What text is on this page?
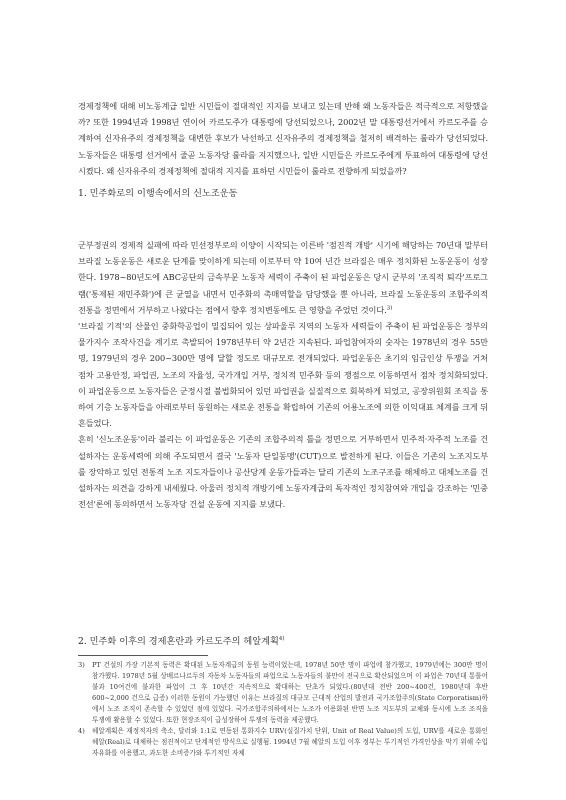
경제정책에 대해 비노동계급 일반 시민들이 절대적인 지지를 보내고 있는데 반해 왜 노동자들은 적극적으로 저항했을까? 또한 1994년과 1998년 연이어 카르도주가 대통령에 당선되었으나, 2002년 말 대통령선거에서 카르도주를 승계하여 신자유주의 경제정책을 대변한 후보가 낙선하고 신자유주의 경제정책을 철저히 배격하는 룰라가 당선되었다. 노동자들은 대통령 선거에서 줄곧 노동자당 룰라를 지지했으나, 일반 시민들은 카르도주에게 투표하여 대통령에 당선시켰다. 왜 신자유주의 경제정책에 절대적 지지를 표하던 시민들이 룰라로 전향하게 되었을까?

1. 민주화로의 이행속에서의 신노조운동

군부정권의 경제적 실패에 따라 민선정부로의 이양이 시작되는 이른바 '점진적 개방' 시기에 해당하는 70년대 말부터 브라질 노동운동은 새로운 단계를 맞이하게 되는데 이로부터 약 10여 년간 브라질은 매우 정치화된 노동운동이 성장한다. 1978~80년도에 ABC공단의 금속부문 노동자 세력이 주축이 된 파업운동은 당시 군부의 '조직적 퇴각'프로그램('통제된 재민주화')에 큰 균열을 내면서 민주화의 촉매역할을 담당했을 뿐 아니라, 브라질 노동운동의 조합주의적 전통을 정면에서 거부하고 나왔다는 점에서 향후 정치변동에도 큰 영향을 주었던 것이다.$^{3)}$

'브라질 기적'의 산물인 중화학공업이 밀집되어 있는 상파울루 지역의 노동자 세력들이 주축이 된 파업운동은 정부의 물가지수 조작사건을 계기로 촉발되어 1978년부터 약 2년간 지속된다. 파업참여자의 숫자는 1978년의 경우 55만명, 1979년의 경우 200~300만 명에 달할 정도로 대규모로 전개되었다. 파업운동은 초기의 임금인상 투쟁을 거쳐 점차 고용안정, 파업권, 노조의 자율성, 국가개입 거부, 정치적 민주화 등의 쟁점으로 이동하면서 점차 정치화되었다. 이 파업운동으로 노동자들은 군정시절 불법화되어 있던 파업권을 실질적으로 회복하게 되었고, 공장위원회 조직을 통하여 기층 노동자들을 아래로부터 동원하는 새로운 전통을 확립하여 기존의 어용노조에 의한 이익대표 체계를 크게 뒤흔들었다.

흔히 '신노조운동'이라 불리는 이 파업운동은 기존의 조합주의적 틀을 정면으로 거부하면서 민주적·자주적 노조를 건설하자는 운동세력에 의해 주도되면서 결국 '노동자 단일동맹'(CUT)으로 발전하게 된다. 이들은 기존의 노조지도부를 장악하고 있던 전통적 노조 지도자들이나 공산당계 운동가들과는 달리 기존의 노조구조를 해체하고 대체노조를 건설하자는 의견을 강하게 내세웠다. 아울러 정치적 개방기에 노동자계급의 독자적인 정치참여와 개입을 강조하는 '민중전선'론에 동의하면서 노동자당 건설 운동에 지지를 보냈다.

2. 민주화 이후의 경제혼란과 카르도주의 헤알계획$^{4)}$
3)	PT 건설의 가장 기본적 동력은 확대된 노동자계급의 동원 능력이었는데, 1978년 50만 명이 파업에 참가했고, 1979년에는 300만 명이 참가했다. 1978년 5월 상베르나르두의 자동차 노동자들의 파업으로 노동자들의 불만이 전국으로 확산되었으며 이 파업은 70년대 통틀어 불과 10여건에 불과한 파업이 그 후 10년간 지속적으로 확대하는 단초가 되었다.(80년대 전반 200~400건, 1980년대 후반 600~2,000 건으로 급증) 이러한 동원이 가능했던 이유는 브라질의 대규모 근대적 산업의 발전과 국가조합주의(State Corporatism)하에서 노조 조직이 존속할 수 있었던 점에 있었다. 국가조합주의하에서는 노조가 어용화된 반면 노조 지도부의 교체와 동시에 노조 조직을 투쟁에 활용할 수 있었다. 또한 현장조직이 급성장하여 투쟁의 동력을 제공했다.
4)	헤알계획은 재정적자의 축소, 달러와 1:1로 연동된 통화지수 URV(실질가치 단위, Unit of Real Value)의 도입, URV를 새로운 통화인 헤알(Real)로 대체하는 점진적이고 단계적인 방식으로 실행됨. 1994년 7월 헤알의 도입 이후 정부는 투기적인 가격인상을 막기 위해 수입자유화를 이용했고, 과도한 소비증가와 투기적인 자체
